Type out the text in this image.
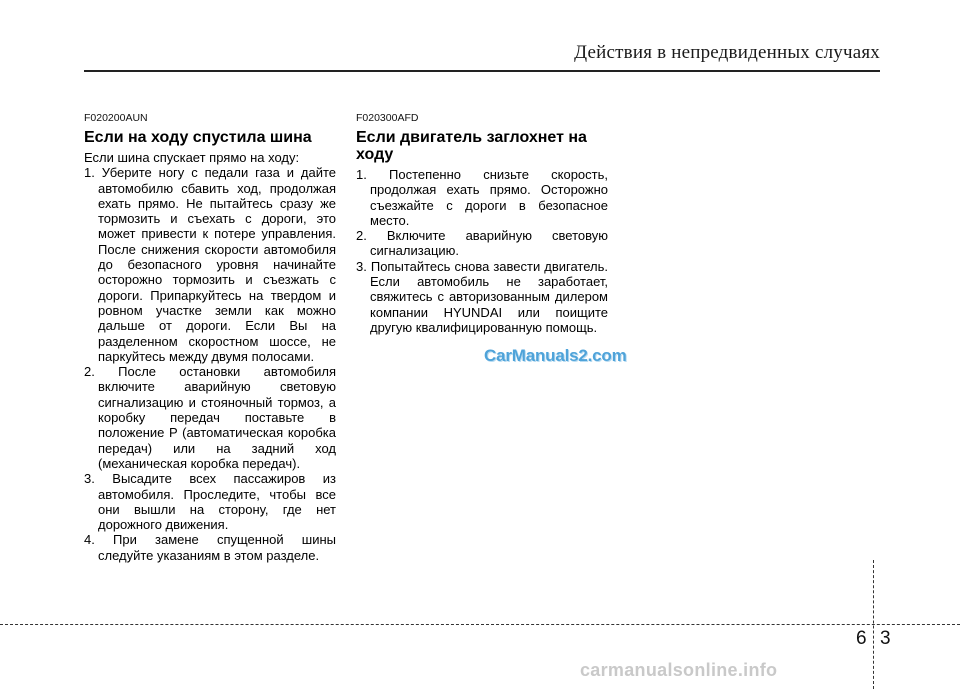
Действия в непредвиденных случаях
F020200AUN
Если на ходу спустила шина

Если шина спускает прямо на ходу:

1. Уберите ногу с педали газа и дайте автомобилю сбавить ход, продолжая ехать прямо. Не пытайтесь сразу же тормозить и съехать с дороги, это может привести к потере управления. После снижения скорости автомобиля до безопасного уровня начинайте осторожно тормозить и съезжать с дороги. Припаркуйтесь на твердом и ровном участке земли как можно дальше от дороги. Если Вы на разделенном скоростном шоссе, не паркуйтесь между двумя полосами.
2. После остановки автомобиля включите аварийную световую сигнализацию и стояночный тормоз, а коробку передач поставьте в положение P (автоматическая коробка передач) или на задний ход (механическая коробка передач).
3. Высадите всех пассажиров из автомобиля. Проследите, чтобы все они вышли на сторону, где нет дорожного движения.
4. При замене спущенной шины следуйте указаниям в этом разделе.
F020300AFD
Если двигатель заглохнет на ходу
1. Постепенно снизьте скорость, продолжая ехать прямо. Осторожно съезжайте с дороги в безопасное место.
2. Включите аварийную световую сигнализацию.
3. Попытайтесь снова завести двигатель. Если автомобиль не заработает, свяжитесь с авторизованным дилером компании HYUNDAI или поищите другую квалифицированную помощь.
CarManuals2.com
6 3
carmanualsonline.info
